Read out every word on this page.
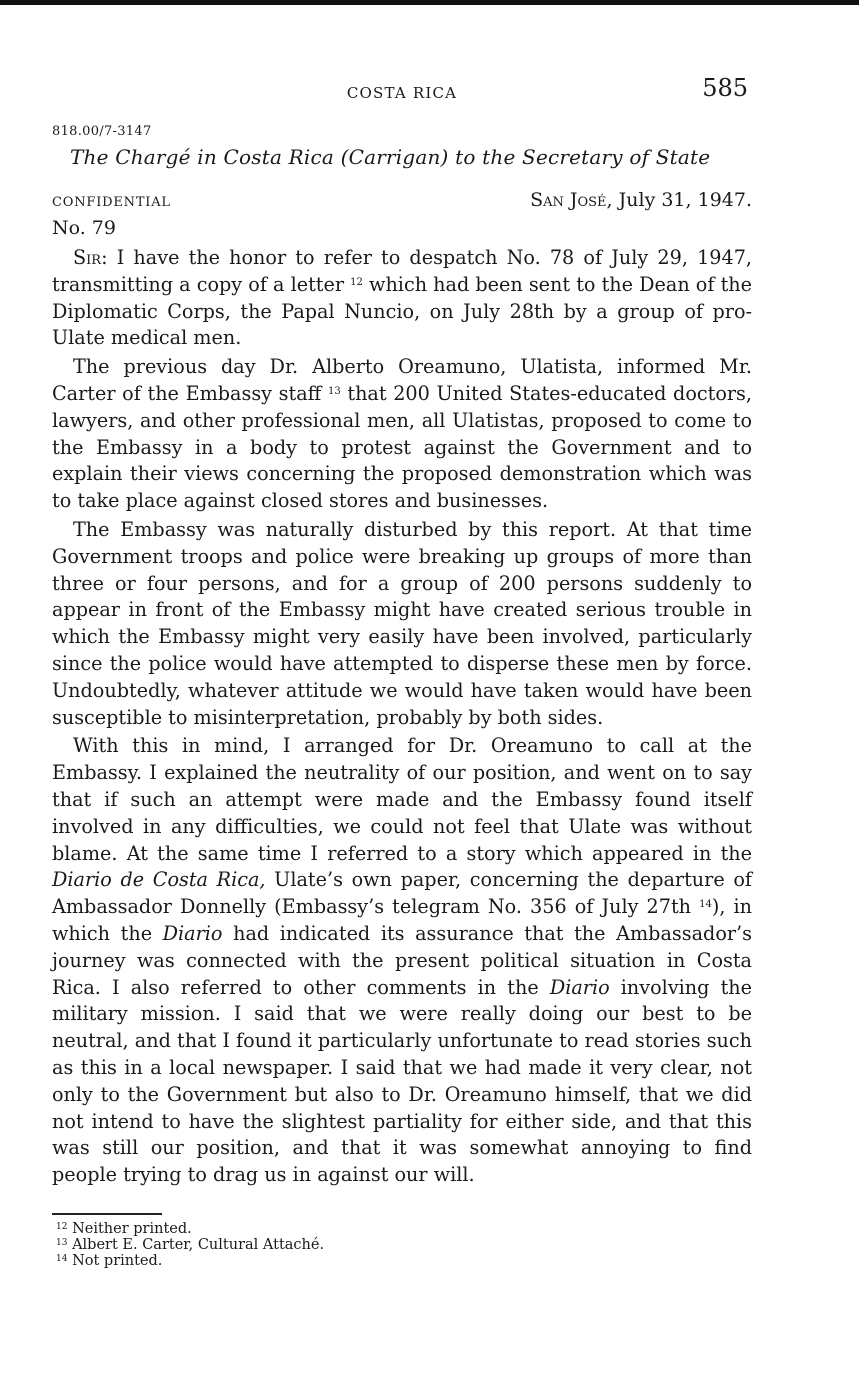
COSTA RICA	585
818.00/7-3147
The Chargé in Costa Rica (Carrigan) to the Secretary of State
CONFIDENTIAL	San José, July 31, 1947.
No. 79

Sir: I have the honor to refer to despatch No. 78 of July 29, 1947, transmitting a copy of a letter $^{12}$ which had been sent to the Dean of the Diplomatic Corps, the Papal Nuncio, on July 28th by a group of pro-Ulate medical men.

The previous day Dr. Alberto Oreamuno, Ulatista, informed Mr. Carter of the Embassy staff $^{13}$ that 200 United States-educated doctors, lawyers, and other professional men, all Ulatistas, proposed to come to the Embassy in a body to protest against the Government and to explain their views concerning the proposed demonstration which was to take place against closed stores and businesses.

The Embassy was naturally disturbed by this report. At that time Government troops and police were breaking up groups of more than three or four persons, and for a group of 200 persons suddenly to appear in front of the Embassy might have created serious trouble in which the Embassy might very easily have been involved, particularly since the police would have attempted to disperse these men by force. Undoubtedly, whatever attitude we would have taken would have been susceptible to misinterpretation, probably by both sides.

With this in mind, I arranged for Dr. Oreamuno to call at the Embassy. I explained the neutrality of our position, and went on to say that if such an attempt were made and the Embassy found itself involved in any difficulties, we could not feel that Ulate was without blame. At the same time I referred to a story which appeared in the Diario de Costa Rica, Ulate’s own paper, concerning the departure of Ambassador Donnelly (Embassy’s telegram No. 356 of July 27th $^{14}$), in which the Diario had indicated its assurance that the Ambassador’s journey was connected with the present political situation in Costa Rica. I also referred to other comments in the Diario involving the military mission. I said that we were really doing our best to be neutral, and that I found it particularly unfortunate to read stories such as this in a local newspaper. I said that we had made it very clear, not only to the Government but also to Dr. Oreamuno himself, that we did not intend to have the slightest partiality for either side, and that this was still our position, and that it was somewhat annoying to find people trying to drag us in against our will.

$^{12}$ Neither printed.
$^{13}$ Albert E. Carter, Cultural Attaché.
$^{14}$ Not printed.
